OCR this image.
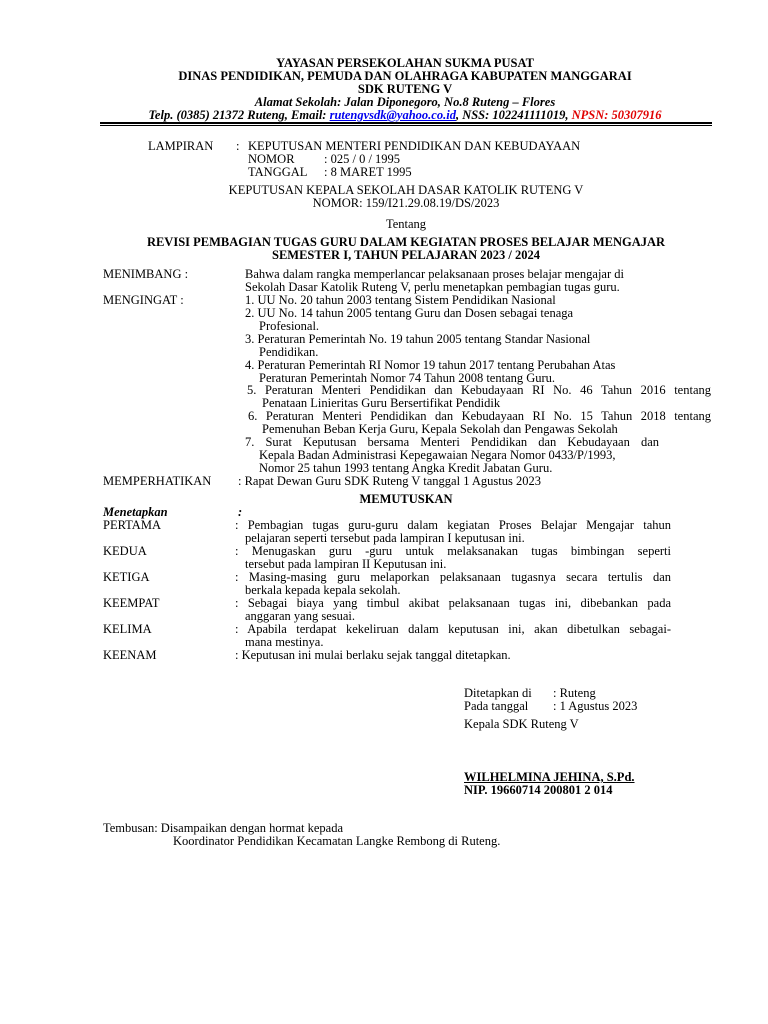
YAYASAN PERSEKOLAHAN SUKMA PUSAT
DINAS PENDIDIKAN, PEMUDA DAN OLAHRAGA KABUPATEN MANGGARAI
SDK RUTENG V
Alamat Sekolah: Jalan Diponegoro, No.8 Ruteng – Flores
Telp. (0385) 21372 Ruteng, Email: rutengvsdk@yahoo.co.id, NSS: 102241111019, NPSN: 50307916
LAMPIRAN : KEPUTUSAN MENTERI PENDIDIKAN DAN KEBUDAYAAN
NOMOR : 025 / 0 / 1995
TANGGAL : 8 MARET 1995
KEPUTUSAN KEPALA SEKOLAH DASAR KATOLIK RUTENG V
NOMOR: 159/I21.29.08.19/DS/2023
Tentang
REVISI PEMBAGIAN TUGAS GURU DALAM KEGIATAN PROSES BELAJAR MENGAJAR
SEMESTER I, TAHUN PELAJARAN 2023 / 2024
MENIMBANG :	Bahwa dalam rangka memperlancar pelaksanaan proses belajar mengajar di
Sekolah Dasar Katolik Ruteng V, perlu menetapkan pembagian tugas guru.
MENGINGAT :	1. UU No. 20 tahun 2003 tentang Sistem Pendidikan Nasional
2. UU No. 14 tahun 2005 tentang Guru dan Dosen sebagai tenaga
Profesional.
3. Peraturan Pemerintah No. 19 tahun 2005 tentang Standar Nasional
Pendidikan.
4. Peraturan Pemerintah RI Nomor 19 tahun 2017 tentang Perubahan Atas
Peraturan Pemerintah Nomor 74 Tahun 2008 tentang Guru.
5. Peraturan Menteri Pendidikan dan Kebudayaan RI No. 46 Tahun 2016 tentang
Penataan Linieritas Guru Bersertifikat Pendidik
6. Peraturan Menteri Pendidikan dan Kebudayaan RI No. 15 Tahun 2018 tentang
Pemenuhan Beban Kerja Guru, Kepala Sekolah dan Pengawas Sekolah
7. Surat Keputusan bersama Menteri Pendidikan dan Kebudayaan dan
Kepala Badan Administrasi Kepegawaian Negara Nomor 0433/P/1993,
Nomor 25 tahun 1993 tentang Angka Kredit Jabatan Guru.
MEMPERHATIKAN : Rapat Dewan Guru SDK Ruteng V tanggal 1 Agustus 2023
MEMUTUSKAN
Menetapkan	:
PERTAMA	: Pembagian tugas guru-guru dalam kegiatan Proses Belajar Mengajar tahun
pelajaran seperti tersebut pada lampiran I keputusan ini.
KEDUA	: Menugaskan guru -guru untuk melaksanakan tugas bimbingan seperti
tersebut pada lampiran II Keputusan ini.
KETIGA	: Masing-masing guru melaporkan pelaksanaan tugasnya secara tertulis dan
berkala kepada kepala sekolah.
KEEMPAT	: Sebagai biaya yang timbul akibat pelaksanaan tugas ini, dibebankan pada
anggaran yang sesuai.
KELIMA	: Apabila terdapat kekeliruan dalam keputusan ini, akan dibetulkan sebagai-
mana mestinya.
KEENAM	: Keputusan ini mulai berlaku sejak tanggal ditetapkan.
Ditetapkan di : Ruteng
Pada tanggal : 1 Agustus 2023
Kepala SDK Ruteng V
WILHELMINA JEHINA, S.Pd.
NIP. 19660714 200801 2 014
Tembusan: Disampaikan dengan hormat kepada
Koordinator Pendidikan Kecamatan Langke Rembong di Ruteng.
